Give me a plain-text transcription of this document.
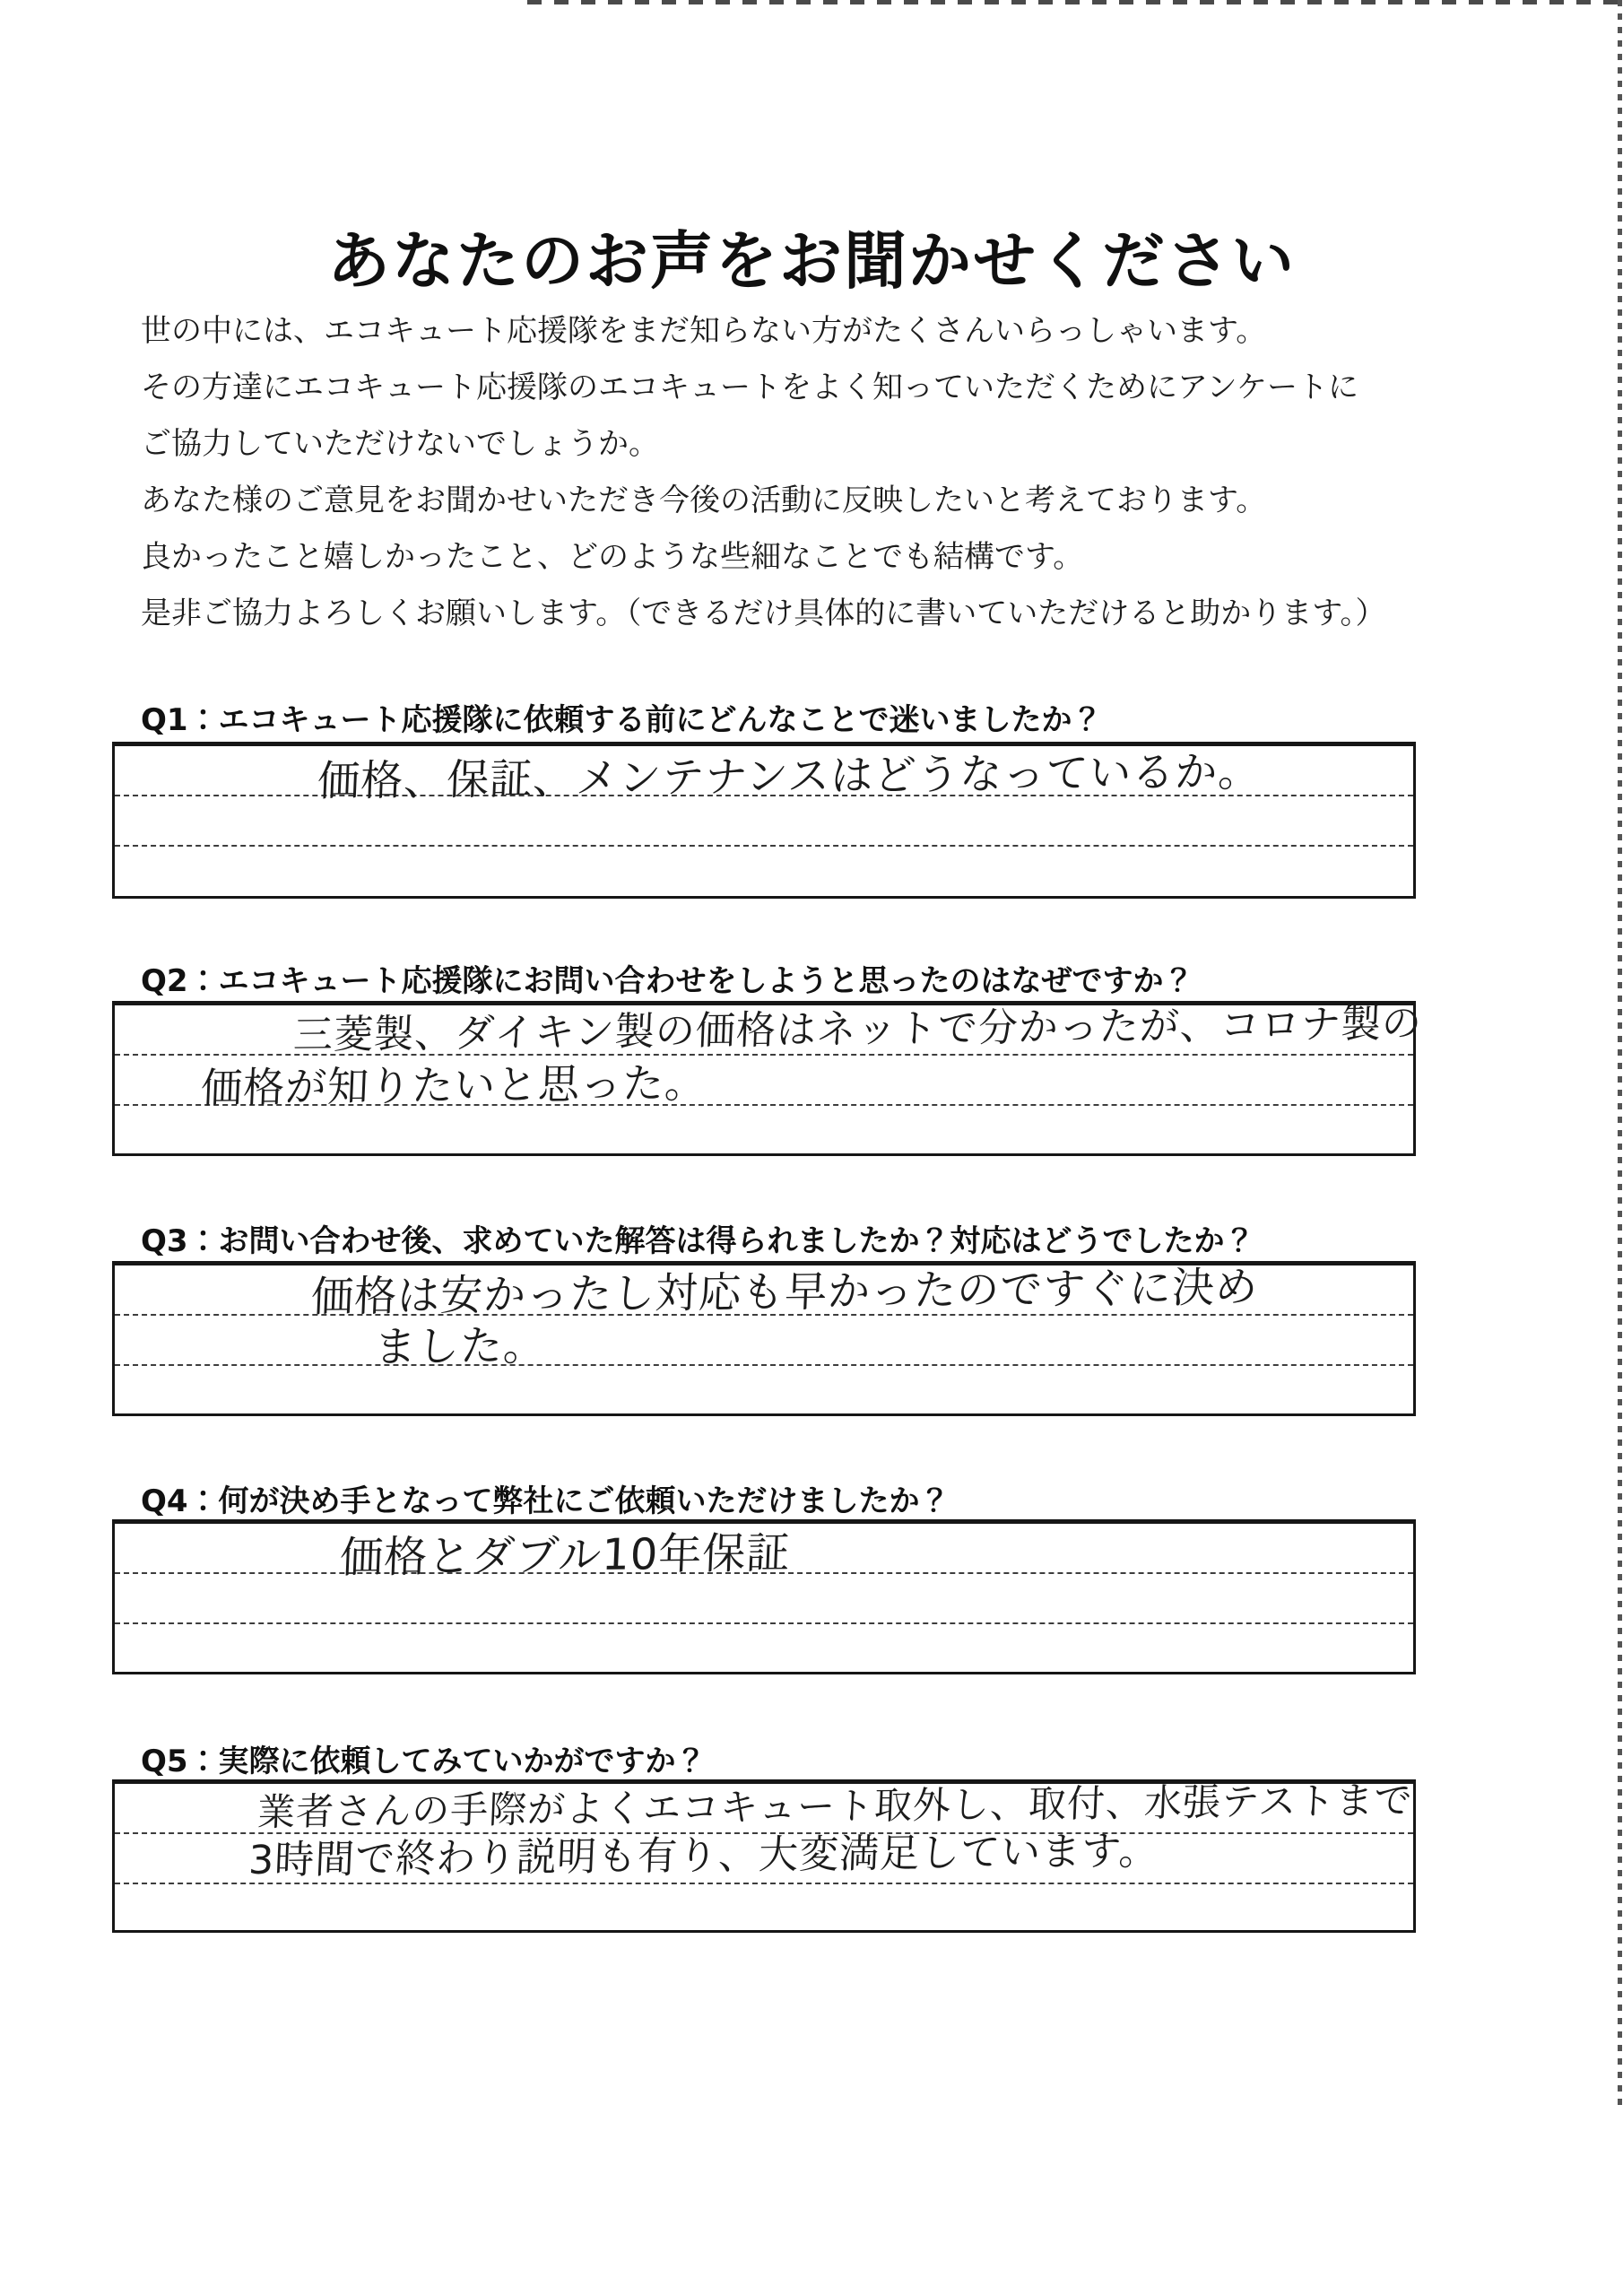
あなたのお声をお聞かせください

世の中には、エコキュート応援隊をまだ知らない方がたくさんいらっしゃいます。

その方達にエコキュート応援隊のエコキュートをよく知っていただくためにアンケートに

ご協力していただけないでしょうか。

あなた様のご意見をお聞かせいただき今後の活動に反映したいと考えております。

良かったこと嬉しかったこと、どのような些細なことでも結構です。

是非ご協力よろしくお願いします。（できるだけ具体的に書いていただけると助かります。）

Q1：エコキュート応援隊に依頼する前にどんなことで迷いましたか？
価格、保証、メンテナンスはどうなっているか。
Q2：エコキュート応援隊にお問い合わせをしようと思ったのはなぜですか？
三菱製、ダイキン製の価格はネットで分かったが、コロナ製の
価格が知りたいと思った。
Q3：お問い合わせ後、求めていた解答は得られましたか？対応はどうでしたか？
価格は安かったし対応も早かったのですぐに決め
ました。
Q4：何が決め手となって弊社にご依頼いただけましたか？
価格とダブル10年保証
Q5：実際に依頼してみていかがですか？
業者さんの手際がよくエコキュート取外し、取付、水張テストまで
3時間で終わり説明も有り、大変満足しています。
